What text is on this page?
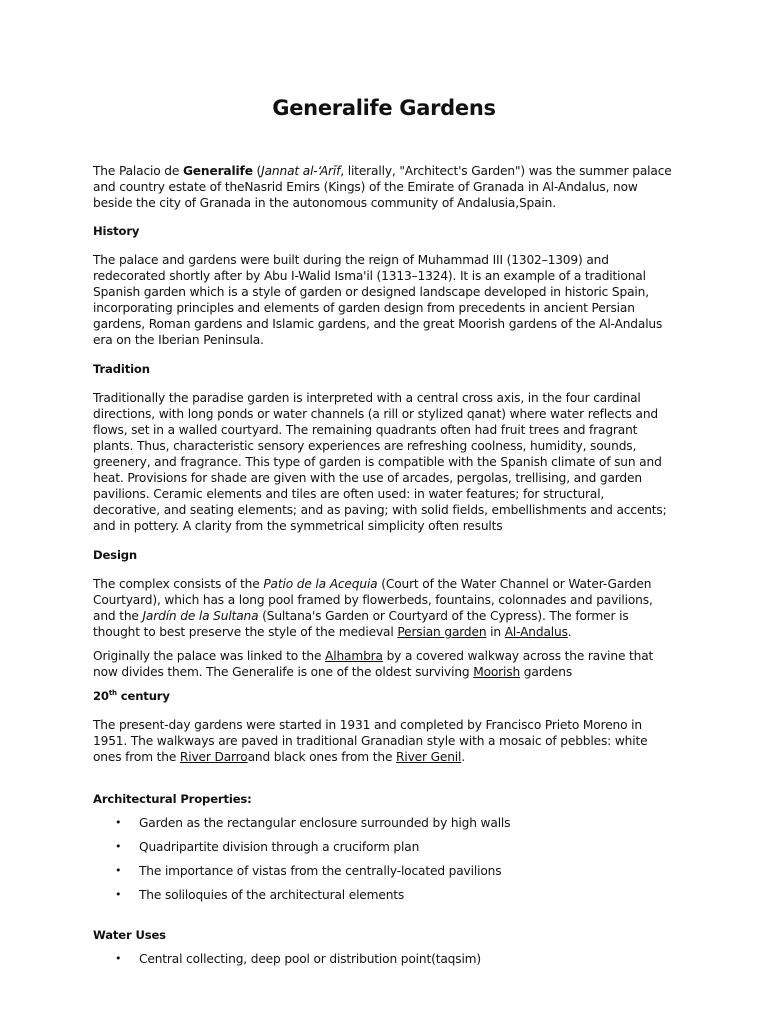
Generalife Gardens

The Palacio de Generalife (Jannat al-‘Arīf, literally, "Architect's Garden") was the summer palace and country estate of theNasrid Emirs (Kings) of the Emirate of Granada in Al-Andalus, now beside the city of Granada in the autonomous community of Andalusia,Spain.

History

The palace and gardens were built during the reign of Muhammad III (1302–1309) and redecorated shortly after by Abu I-Walid Isma'il (1313–1324). It is an example of a traditional Spanish garden which is a style of garden or designed landscape developed in historic Spain, incorporating principles and elements of garden design from precedents in ancient Persian gardens, Roman gardens and Islamic gardens, and the great Moorish gardens of the Al-Andalus era on the Iberian Peninsula.

Tradition

Traditionally the paradise garden is interpreted with a central cross axis, in the four cardinal directions, with long ponds or water channels (a rill or stylized qanat) where water reflects and flows, set in a walled courtyard. The remaining quadrants often had fruit trees and fragrant plants. Thus, characteristic sensory experiences are refreshing coolness, humidity, sounds, greenery, and fragrance. This type of garden is compatible with the Spanish climate of sun and heat. Provisions for shade are given with the use of arcades, pergolas, trellising, and garden pavilions. Ceramic elements and tiles are often used: in water features; for structural, decorative, and seating elements; and as paving; with solid fields, embellishments and accents; and in pottery. A clarity from the symmetrical simplicity often results

Design

The complex consists of the Patio de la Acequia (Court of the Water Channel or Water-Garden Courtyard), which has a long pool framed by flowerbeds, fountains, colonnades and pavilions, and the Jardín de la Sultana (Sultana's Garden or Courtyard of the Cypress). The former is thought to best preserve the style of the medieval Persian garden in Al-Andalus.

Originally the palace was linked to the Alhambra by a covered walkway across the ravine that now divides them. The Generalife is one of the oldest surviving Moorish gardens

20th century

The present-day gardens were started in 1931 and completed by Francisco Prieto Moreno in 1951. The walkways are paved in traditional Granadian style with a mosaic of pebbles: white ones from the River Darroand black ones from the River Genil.

Architectural Properties:

• Garden as the rectangular enclosure surrounded by high walls
• Quadripartite division through a cruciform plan
• The importance of vistas from the centrally-located pavilions
• The soliloquies of the architectural elements

Water Uses

• Central collecting, deep pool or distribution point(taqsim)
